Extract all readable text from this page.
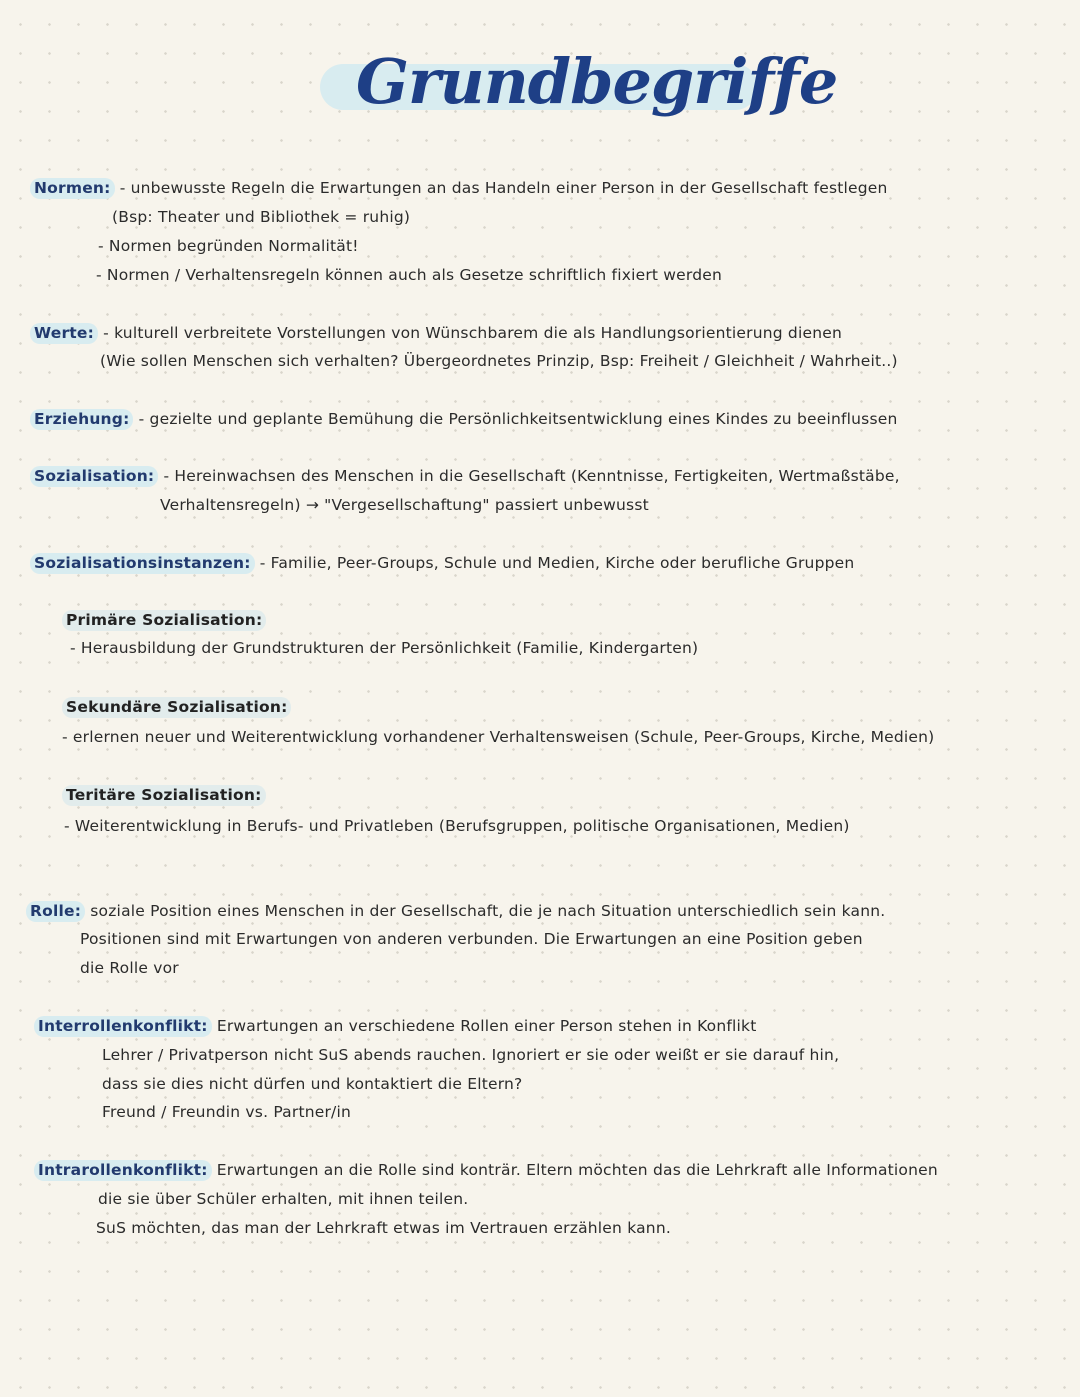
Grundbegriffe
Normen: - unbewusste Regeln die Erwartungen an das Handeln einer Person in der Gesellschaft festlegen
(Bsp: Theater und Bibliothek = ruhig)
- Normen begründen Normalität!
- Normen / Verhaltensregeln können auch als Gesetze schriftlich fixiert werden
Werte: - kulturell verbreitete Vorstellungen von Wünschbarem die als Handlungsorientierung dienen
(Wie sollen Menschen sich verhalten? Übergeordnetes Prinzip, Bsp: Freiheit / Gleichheit / Wahrheit..)
Erziehung: - gezielte und geplante Bemühung die Persönlichkeitsentwicklung eines Kindes zu beeinflussen
Sozialisation: - Hereinwachsen des Menschen in die Gesellschaft (Kenntnisse, Fertigkeiten, Wertmaßstäbe,
Verhaltensregeln) → "Vergesellschaftung" passiert unbewusst
Sozialisationsinstanzen: - Familie, Peer-Groups, Schule und Medien, Kirche oder berufliche Gruppen
Primäre Sozialisation:
- Herausbildung der Grundstrukturen der Persönlichkeit (Familie, Kindergarten)
Sekundäre Sozialisation:
- erlernen neuer und Weiterentwicklung vorhandener Verhaltensweisen (Schule, Peer-Groups, Kirche, Medien)
Teritäre Sozialisation:
- Weiterentwicklung in Berufs- und Privatleben (Berufsgruppen, politische Organisationen, Medien)
Rolle: soziale Position eines Menschen in der Gesellschaft, die je nach Situation unterschiedlich sein kann.
Positionen sind mit Erwartungen von anderen verbunden. Die Erwartungen an eine Position geben
die Rolle vor
Interrollenkonflikt: Erwartungen an verschiedene Rollen einer Person stehen in Konflikt
Lehrer / Privatperson nicht SuS abends rauchen. Ignoriert er sie oder weißt er sie darauf hin,
dass sie dies nicht dürfen und kontaktiert die Eltern?
Freund / Freundin vs. Partner/in
Intrarollenkonflikt: Erwartungen an die Rolle sind konträr. Eltern möchten das die Lehrkraft alle Informationen
die sie über Schüler erhalten, mit ihnen teilen.
SuS möchten, das man der Lehrkraft etwas im Vertrauen erzählen kann.
